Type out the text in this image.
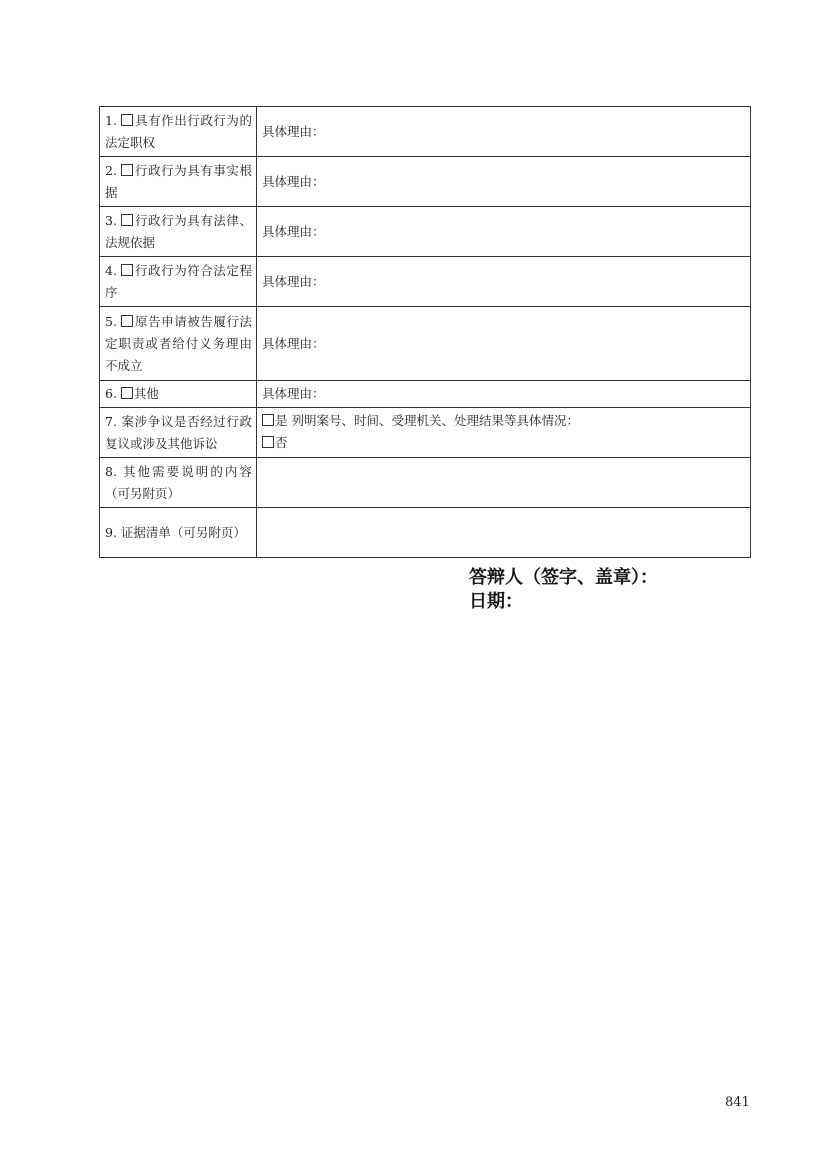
1. 具有作出行政行为的法定职权	具体理由：
2. 行政行为具有事实根据	具体理由：
3. 行政行为具有法律、法规依据	具体理由：
4. 行政行为符合法定程序	具体理由：
5. 原告申请被告履行法定职责或者给付义务理由不成立	具体理由：
6. 其他	具体理由：
7. 案涉争议是否经过行政复议或涉及其他诉讼	是 列明案号、时间、受理机关、处理结果等具体情况：
否

8. 其他需要说明的内容（可另附页）	
9. 证据清单（可另附页）	
答辩人（签字、盖章）：
日期：
841
